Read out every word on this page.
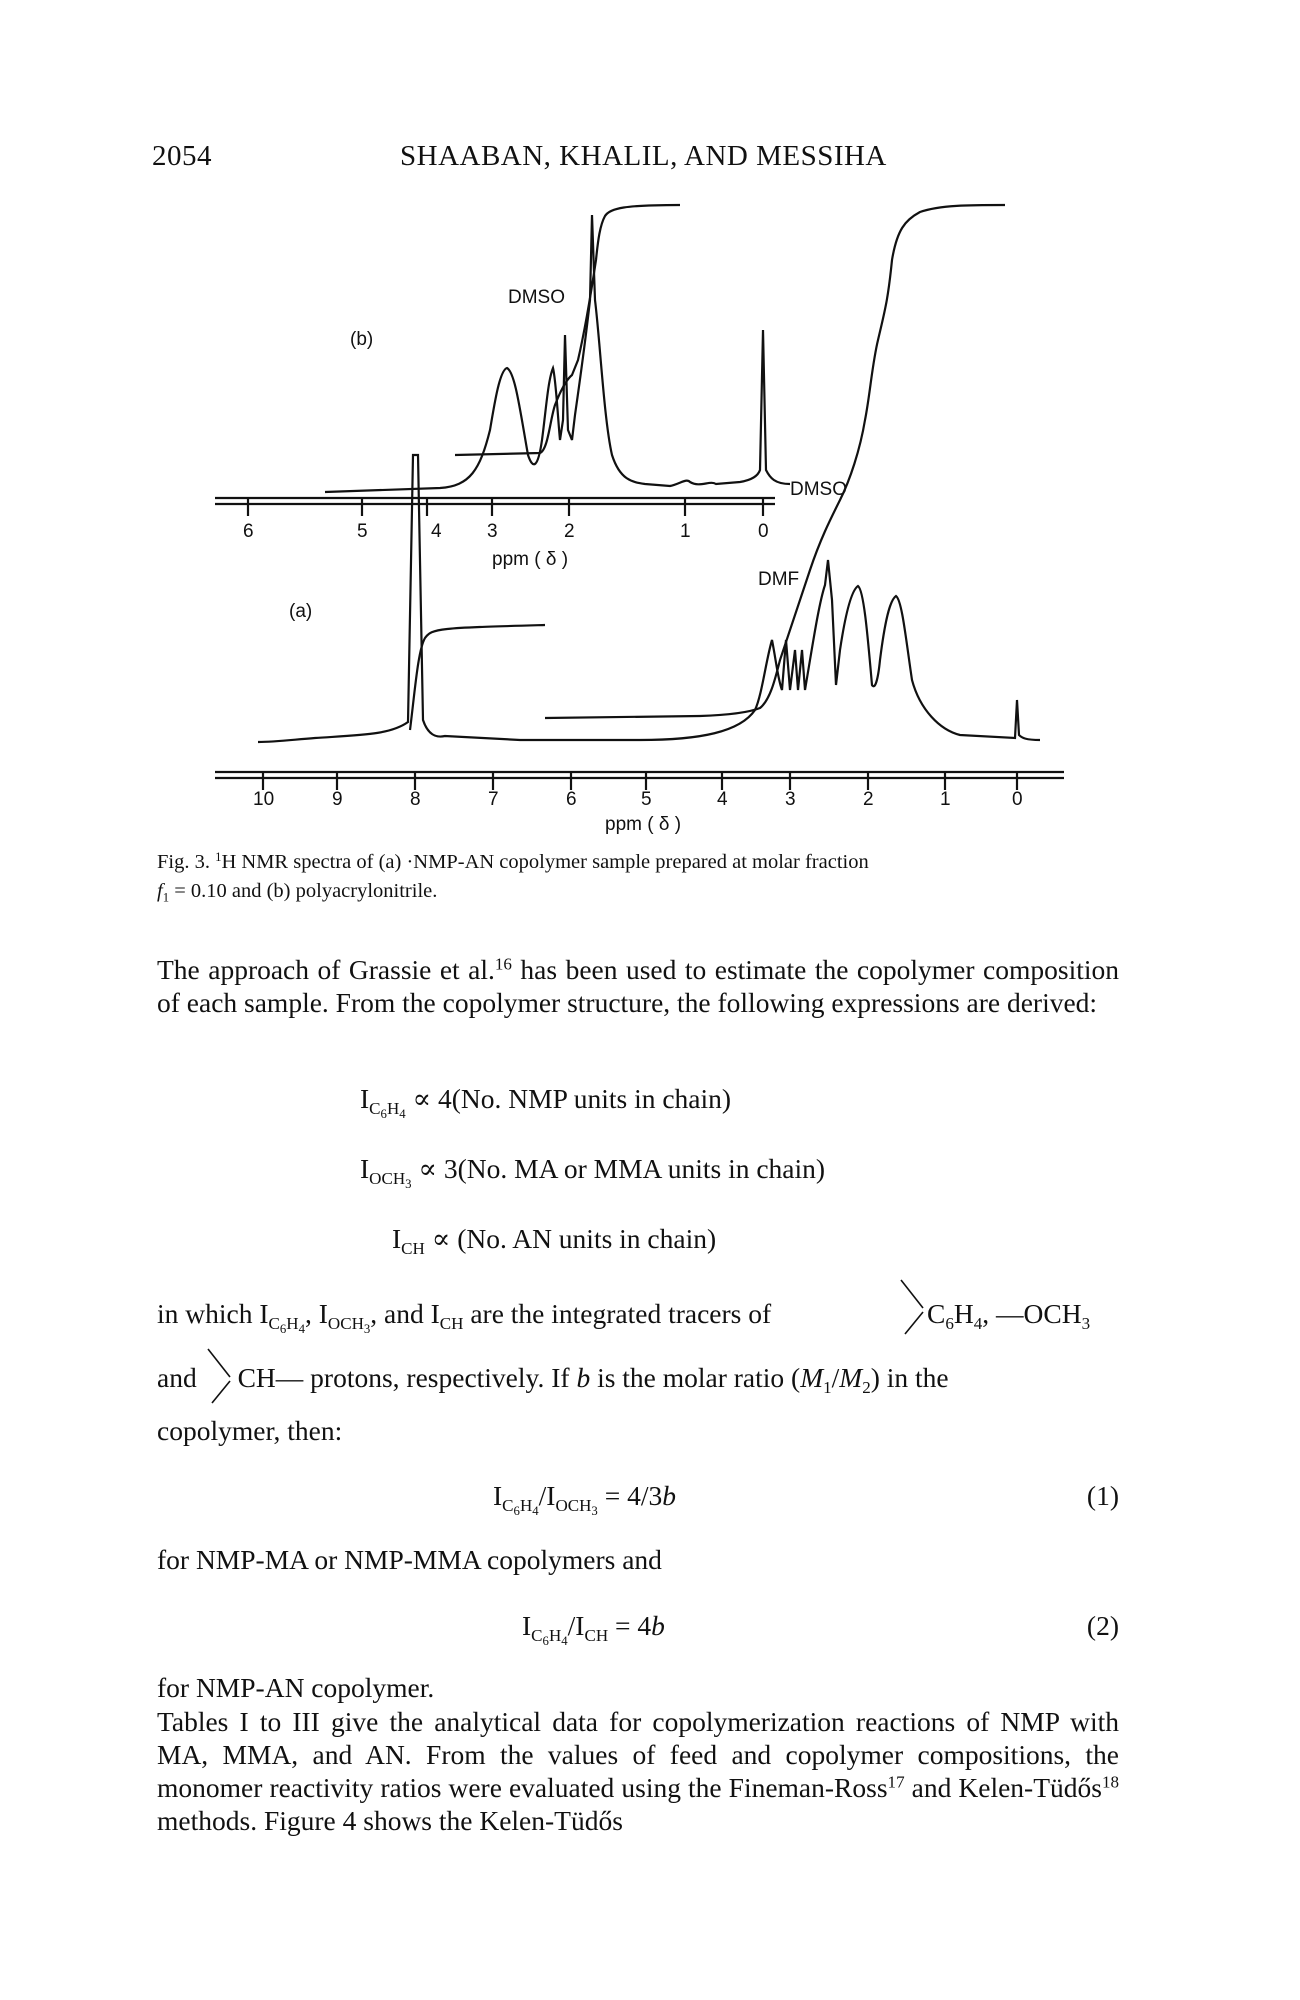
2054	SHAABAN, KHALIL, AND MESSIHA
(b)
DMSO
(a)
DMSO
DMF
ppm ( δ )
ppm ( δ )
6	5	4 3	2	1	0
10	9	8	7	6	5	4	3	2	1	0
Fig. 3. $^1$H NMR spectra of (a) ·NMP-AN copolymer sample prepared at molar fraction
$f_1 = 0.10$ and (b) polyacrylonitrile.
The approach of Grassie et al.$^{16}$ has been used to estimate the copolymer composition of each sample. From the copolymer structure, the following expressions are derived:
$I_{C_6H_4} \propto 4(No$. NMP units in chain)
$I_{OCH_3} \propto 3(No$. MA or MMA units in chain)
$I_{CH} \propto (No$. AN units in chain)
in which $I_{C_6H_4}$, $I_{OCH_3}$, and $I_{CH}$ are the integrated tracers of	$C_6H_4$, $—OCH_3$
and CH— protons, respectively. If b is the molar ratio $(M_1/M_2)$ in the
copolymer, then:
$I_{C_6H_4}/I_{OCH_3} = 4/3b$	(1)
for NMP-MA or NMP-MMA copolymers and
$I_{C_6H_4}/I_{CH} = 4b$	(2)
for NMP-AN copolymer.
Tables I to III give the analytical data for copolymerization reactions of NMP with MA, MMA, and AN. From the values of feed and copolymer compositions, the monomer reactivity ratios were evaluated using the Fineman-Ross$^{17}$ and Kelen-Tüdős$^{18}$ methods. Figure 4 shows the Kelen-Tüdős
